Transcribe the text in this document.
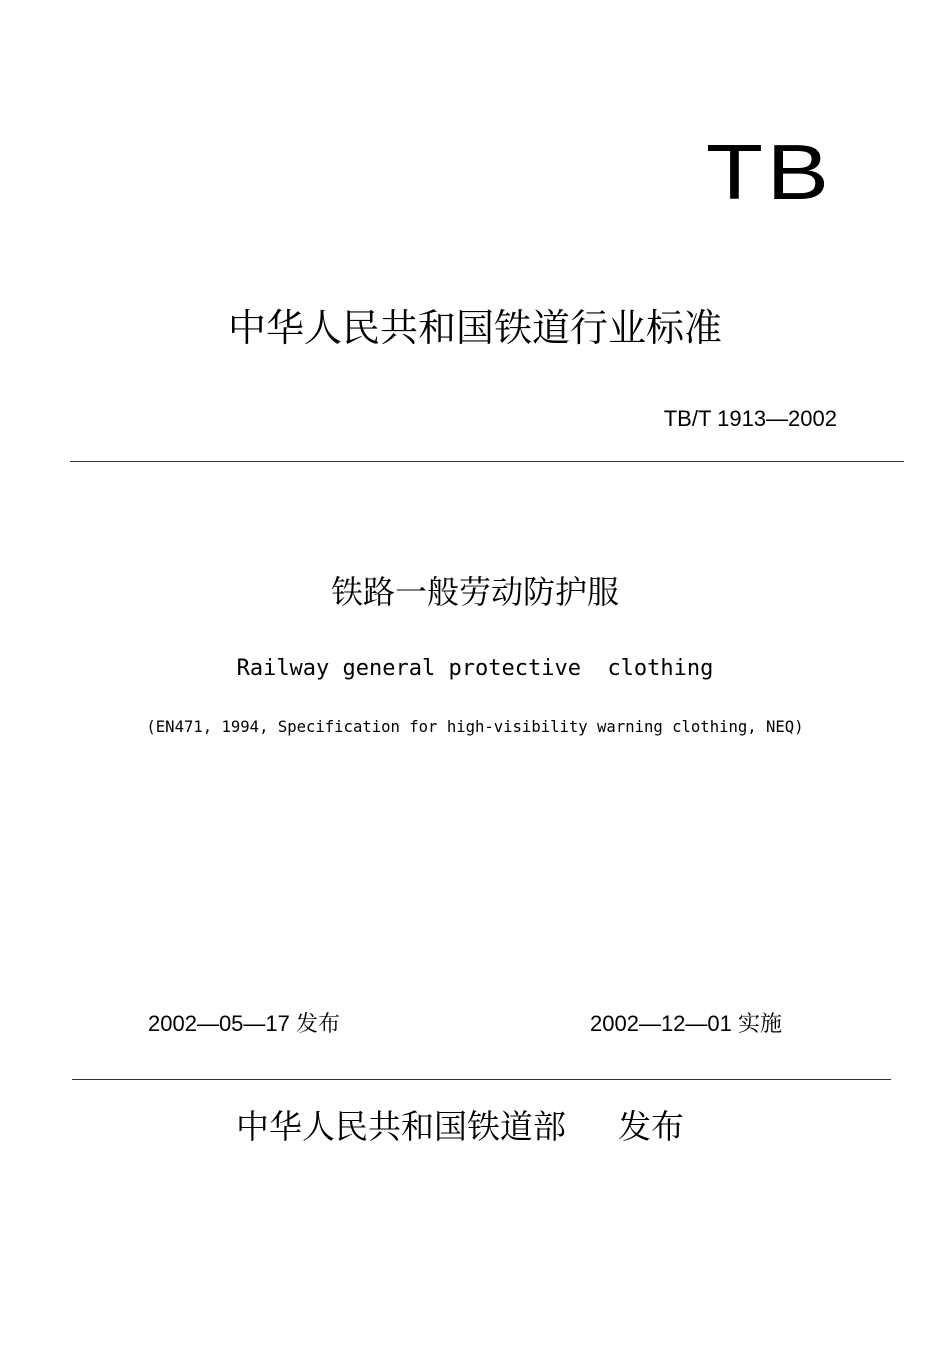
TB
中华人民共和国铁道行业标准
TB/T 1913—2002
铁路一般劳动防护服
Railway general protective  clothing
(EN471, 1994, Specification for high-visibility warning clothing, NEQ)
2002—05—17 发布	2002—12—01 实施
中华人民共和国铁道部 发布
